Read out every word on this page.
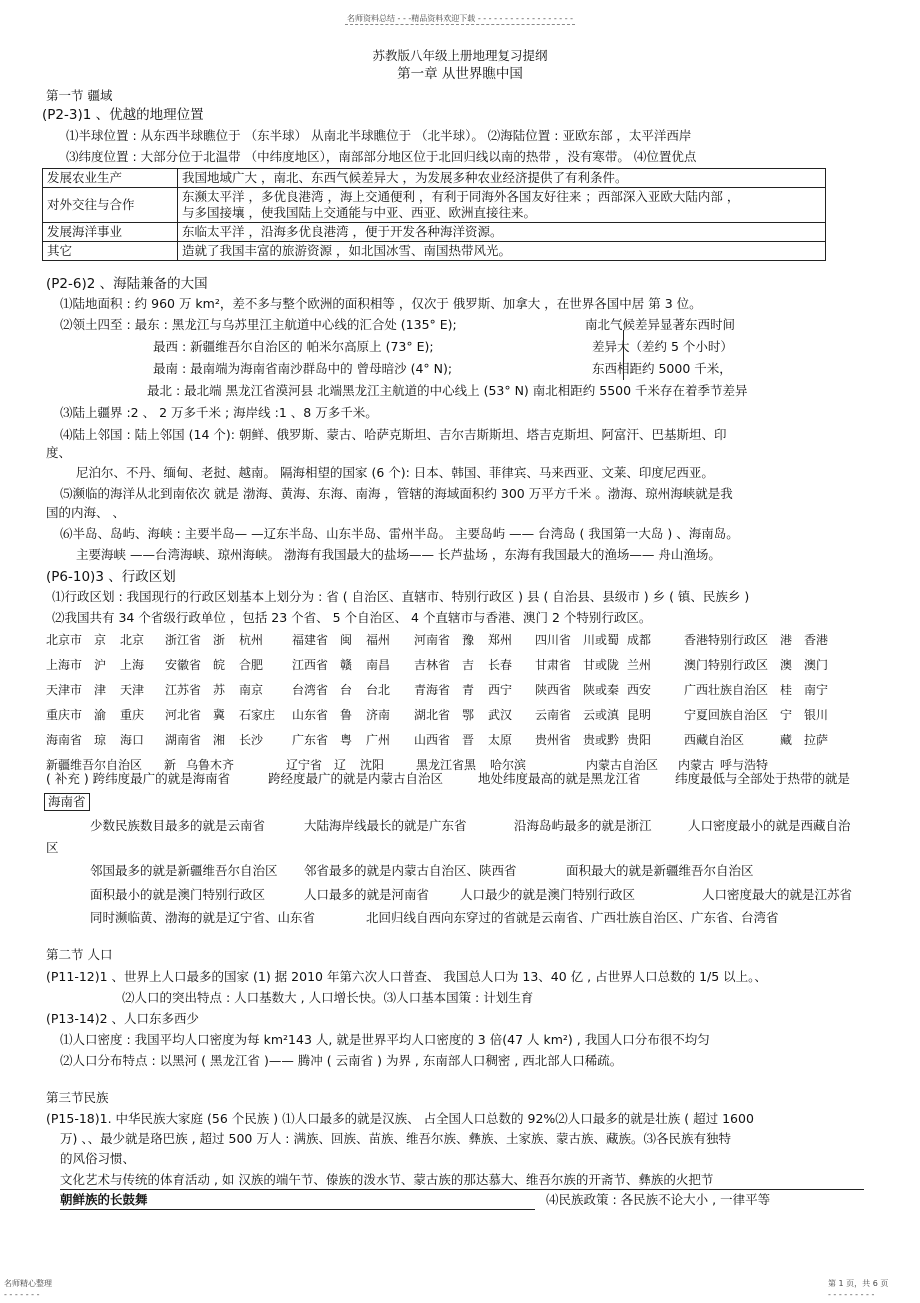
名师资料总结 - - -精品资料欢迎下载 - - - - - - - - - - - - - - - - - -
苏教版八年级上册地理复习提纲
第一章 从世界瞧中国
第一节 疆域
(P2-3)1 、优越的地理位置
⑴半球位置 : 从东西半球瞧位于 （东半球） 从南北半球瞧位于 （北半球）。 ⑵海陆位置 : 亚欧东部 ，太平洋西岸
⑶纬度位置 : 大部分位于北温带 （中纬度地区），南部部分地区位于北回归线以南的热带 ，没有寒带。 ⑷位置优点
发展农业生产	我国地域广大 ，南北、东西气候差异大 ，为发展多种农业经济提供了有利条件。
对外交往与合作	东濒太平洋 ，多优良港湾 ，海上交通便利 ，有利于同海外各国友好往来 ；西部深入亚欧大陆内部 ，
与多国接壤 ，使我国陆上交通能与中亚、西亚、欧洲直接往来。

发展海洋事业	东临太平洋 ，沿海多优良港湾 ，便于开发各种海洋资源。
其它	造就了我国丰富的旅游资源 ，如北国冰雪、南国热带风光。
(P2-6)2 、海陆兼备的大国
⑴陆地面积 : 约 960 万 km²，差不多与整个欧洲的面积相等 ，仅次于 俄罗斯、加拿大 ，在世界各国中居 第 3 位。
⑵领土四至 : 最东 : 黑龙江与乌苏里江主航道中心线的汇合处 (135° E);	南北气候差异显著东西时间
最西 : 新疆维吾尔自治区的 帕米尔高原上 (73° E);	差异大（差约 5 个小时）
最南 : 最南端为海南省南沙群岛中的 曾母暗沙 (4° N);	东西相距约 5000 千米，
最北 : 最北端 黑龙江省漠河县 北端黑龙江主航道的中心线上 (53° N) 南北相距约 5500 千米存在着季节差异
⑶陆上疆界 :2 、 2 万多千米 ; 海岸线 :1 、8 万多千米。
⑷陆上邻国 : 陆上邻国 (14 个): 朝鲜、俄罗斯、蒙古、哈萨克斯坦、吉尔吉斯斯坦、塔吉克斯坦、阿富汗、巴基斯坦、印
度、
尼泊尔、不丹、缅甸、老挝、越南。 隔海相望的国家 (6 个): 日本、韩国、菲律宾、马来西亚、文莱、印度尼西亚。
⑸濒临的海洋从北到南依次 就是 渤海、黄海、东海、南海 ，管辖的海域面积约 300 万平方千米 。渤海、琼州海峡就是我
国的内海、 、
⑹半岛、岛屿、海峡 : 主要半岛— —辽东半岛、山东半岛、雷州半岛。 主要岛屿 —— 台湾岛 ( 我国第一大岛 ) 、海南岛。
主要海峡 ——台湾海峡、琼州海峡。 渤海有我国最大的盐场—— 长芦盐场 ，东海有我国最大的渔场—— 舟山渔场。
(P6-10)3 、行政区划
⑴行政区划 : 我国现行的行政区划基本上划分为 : 省 ( 自治区、直辖市、特别行政区 ) 县 ( 自治县、县级市 ) 乡 ( 镇、民族乡 )
⑵我国共有 34 个省级行政单位 ，包括 23 个省、 5 个自治区、 4 个直辖市与香港、澳门 2 个特别行政区。
北京市 京 北京 浙江省 浙 杭州 福建省 闽 福州 河南省 豫 郑州 四川省 川或蜀 成都	香港特别行政区 港 香港
上海市 沪 上海 安徽省 皖 合肥 江西省 赣 南昌 吉林省 吉 长春 甘肃省 甘或陇 兰州	澳门特别行政区 澳 澳门
天津市 津 天津 江苏省 苏 南京 台湾省 台 台北 青海省 青 西宁 陕西省 陕或秦 西安	广西壮族自治区 桂 南宁
重庆市 渝 重庆 河北省 冀 石家庄 山东省 鲁 济南 湖北省 鄂 武汉 云南省 云或滇 昆明	宁夏回族自治区 宁 银川
海南省 琼 海口 湖南省 湘 长沙 广东省 粤 广州 山西省 晋 太原 贵州省 贵或黔 贵阳	西藏自治区	藏 拉萨
新疆维吾尔自治区 新 乌鲁木齐	辽宁省 辽 沈阳	黑龙江省 黑 哈尔滨	内蒙古自治区 内蒙古 呼与浩特
( 补充 ) 跨纬度最广的就是海南省	跨经度最广的就是内蒙古自治区	地处纬度最高的就是黑龙江省	纬度最低与全部处于热带的就是
海南省
少数民族数目最多的就是云南省	大陆海岸线最长的就是广东省	沿海岛屿最多的就是浙江	人口密度最小的就是西藏自治
区
邻国最多的就是新疆维吾尔自治区 邻省最多的就是内蒙古自治区、陕西省	面积最大的就是新疆维吾尔自治区
面积最小的就是澳门特别行政区	人口最多的就是河南省 人口最少的就是澳门特别行政区	人口密度最大的就是江苏省
同时濒临黄、渤海的就是辽宁省、山东省	北回归线自西向东穿过的省就是云南省、广西壮族自治区、广东省、台湾省
第二节 人口
(P11-12)1 、世界上人口最多的国家 (1) 据 2010 年第六次人口普查、 我国总人口为 13、40 亿 , 占世界人口总数的 1/5 以上。、
⑵人口的突出特点 : 人口基数大 , 人口增长快。⑶人口基本国策 : 计划生育
(P13-14)2 、人口东多西少
⑴人口密度 : 我国平均人口密度为每 km²143 人, 就是世界平均人口密度的 3 倍(47 人 km²) , 我国人口分布很不均匀
⑵人口分布特点 : 以黑河 ( 黑龙江省 )—— 腾冲 ( 云南省 ) 为界 , 东南部人口稠密 , 西北部人口稀疏。
第三节民族
(P15-18)1. 中华民族大家庭 (56 个民族 ) ⑴人口最多的就是汉族、 占全国人口总数的 92%⑵人口最多的就是壮族 ( 超过 1600
万) 、、最少就是珞巴族 , 超过 500 万人 : 满族、回族、苗族、维吾尔族、彝族、土家族、蒙古族、藏族。⑶各民族有独特
的风俗习惯、
文化艺术与传统的体育活动 , 如 汉族的端午节、傣族的泼水节、蒙古族的那达慕大、维吾尔族的开斋节、彝族的火把节
朝鲜族的长鼓舞	⑷民族政策 : 各民族不论大小 , 一律平等
名师精心整理
- - - - - - -
第 1 页，共 6 页
- - - - - - - - -
